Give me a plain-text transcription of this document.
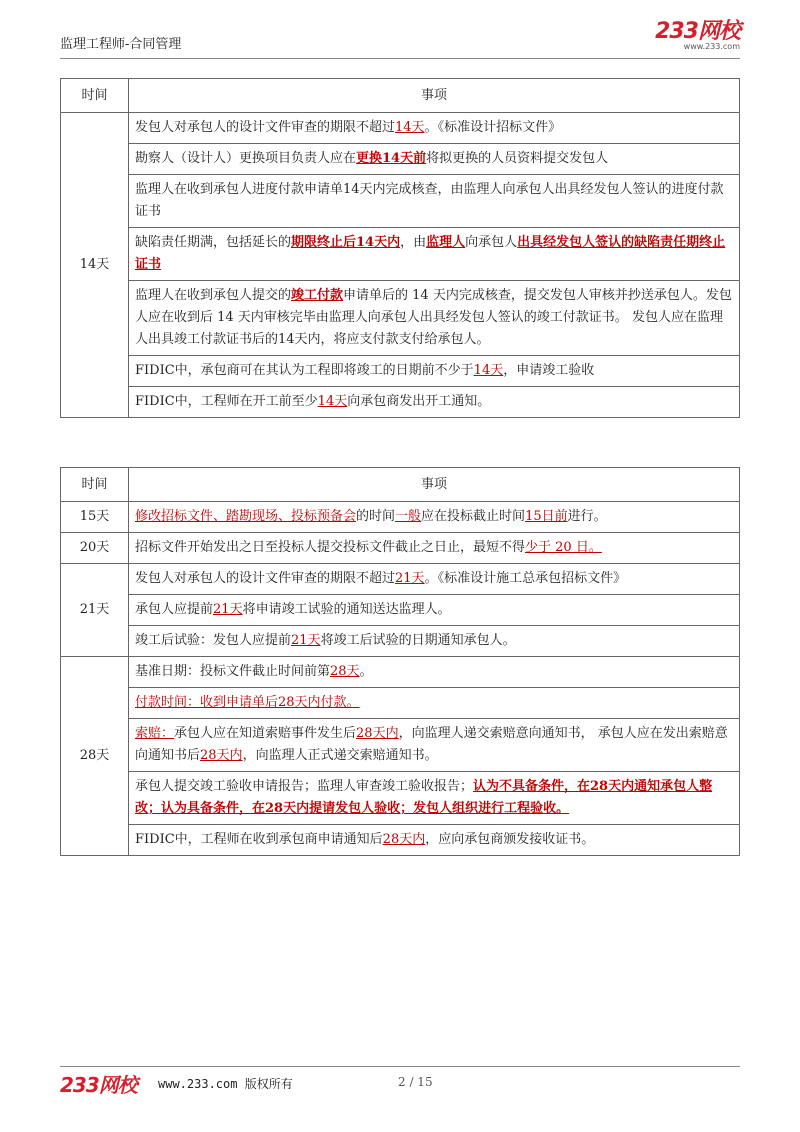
监理工程师-合同管理
233网校
www.233.com
时间	事项
14天	发包人对承包人的设计文件审查的期限不超过14天。《标准设计招标文件》
	勘察人（设计人）更换项目负责人应在更换14天前将拟更换的人员资料提交发包人
	监理人在收到承包人进度付款申请单14天内完成核查，由监理人向承包人出具经发包人签认的进度付款证书
	缺陷责任期满，包括延长的期限终止后14天内，由监理人向承包人出具经发包人签认的缺陷责任期终止证书
	监理人在收到承包人提交的竣工付款申请单后的 14 天内完成核查，提交发包人审核并抄送承包人。发包人应在收到后 14 天内审核完毕由监理人向承包人出具经发包人签认的竣工付款证书。 发包人应在监理人出具竣工付款证书后的14天内，将应支付款支付给承包人。
	FIDIC中，承包商可在其认为工程即将竣工的日期前不少于14天，申请竣工验收
	FIDIC中，工程师在开工前至少14天向承包商发出开工通知。
时间	事项
15天	修改招标文件、踏勘现场、投标预备会的时间一般应在投标截止时间15日前进行。
20天	招标文件开始发出之日至投标人提交投标文件截止之日止，最短不得少于 20 日。
21天	发包人对承包人的设计文件审查的期限不超过21天。《标准设计施工总承包招标文件》
	承包人应提前21天将申请竣工试验的通知送达监理人。
	竣工后试验：发包人应提前21天将竣工后试验的日期通知承包人。
28天	基准日期：投标文件截止时间前第28天。
	付款时间：收到申请单后28天内付款。
	索赔：承包人应在知道索赔事件发生后28天内，向监理人递交索赔意向通知书， 承包人应在发出索赔意向通知书后28天内，向监理人正式递交索赔通知书。
	承包人提交竣工验收申请报告；监理人审查竣工验收报告；认为不具备条件，在28天内通知承包人整改；认为具备条件，在28天内提请发包人验收；发包人组织进行工程验收。
	FIDIC中，工程师在收到承包商申请通知后28天内，应向承包商颁发接收证书。
233网校 www.233.com 版权所有	2 / 15
